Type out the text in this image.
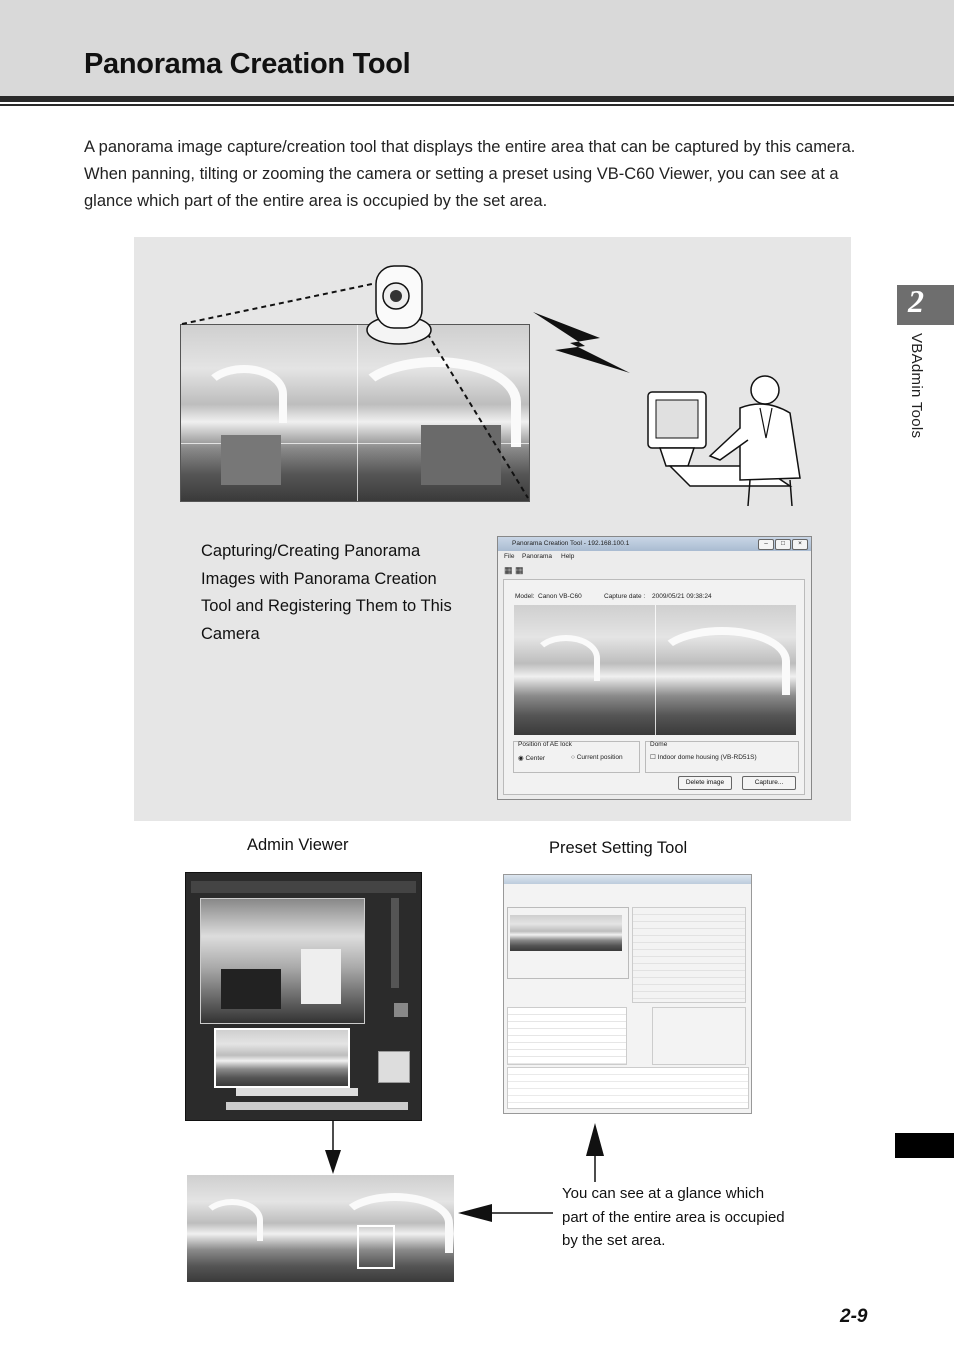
Panorama Creation Tool
A panorama image capture/creation tool that displays the entire area that can be captured by this camera. When panning, tilting or zooming the camera or setting a preset using VB-C60 Viewer, you can see at a glance which part of the entire area is occupied by the set area.
2
VBAdmin Tools
Capturing/Creating Panorama Images with Panorama Creation Tool and Registering Them to This Camera
Panorama Creation Tool - 192.168.100.1	–	□	×
File Panorama Help
▦ ▦
Model: Canon VB-C60	Capture date : 2009/05/21 09:38:24
Position of AE lock
◉ Center	○ Current position
Dome
☐ Indoor dome housing (VB-RD51S)
Delete image	Capture...
Admin Viewer	Preset Setting Tool
You can see at a glance which part of the entire area is occupied by the set area.
2-9
